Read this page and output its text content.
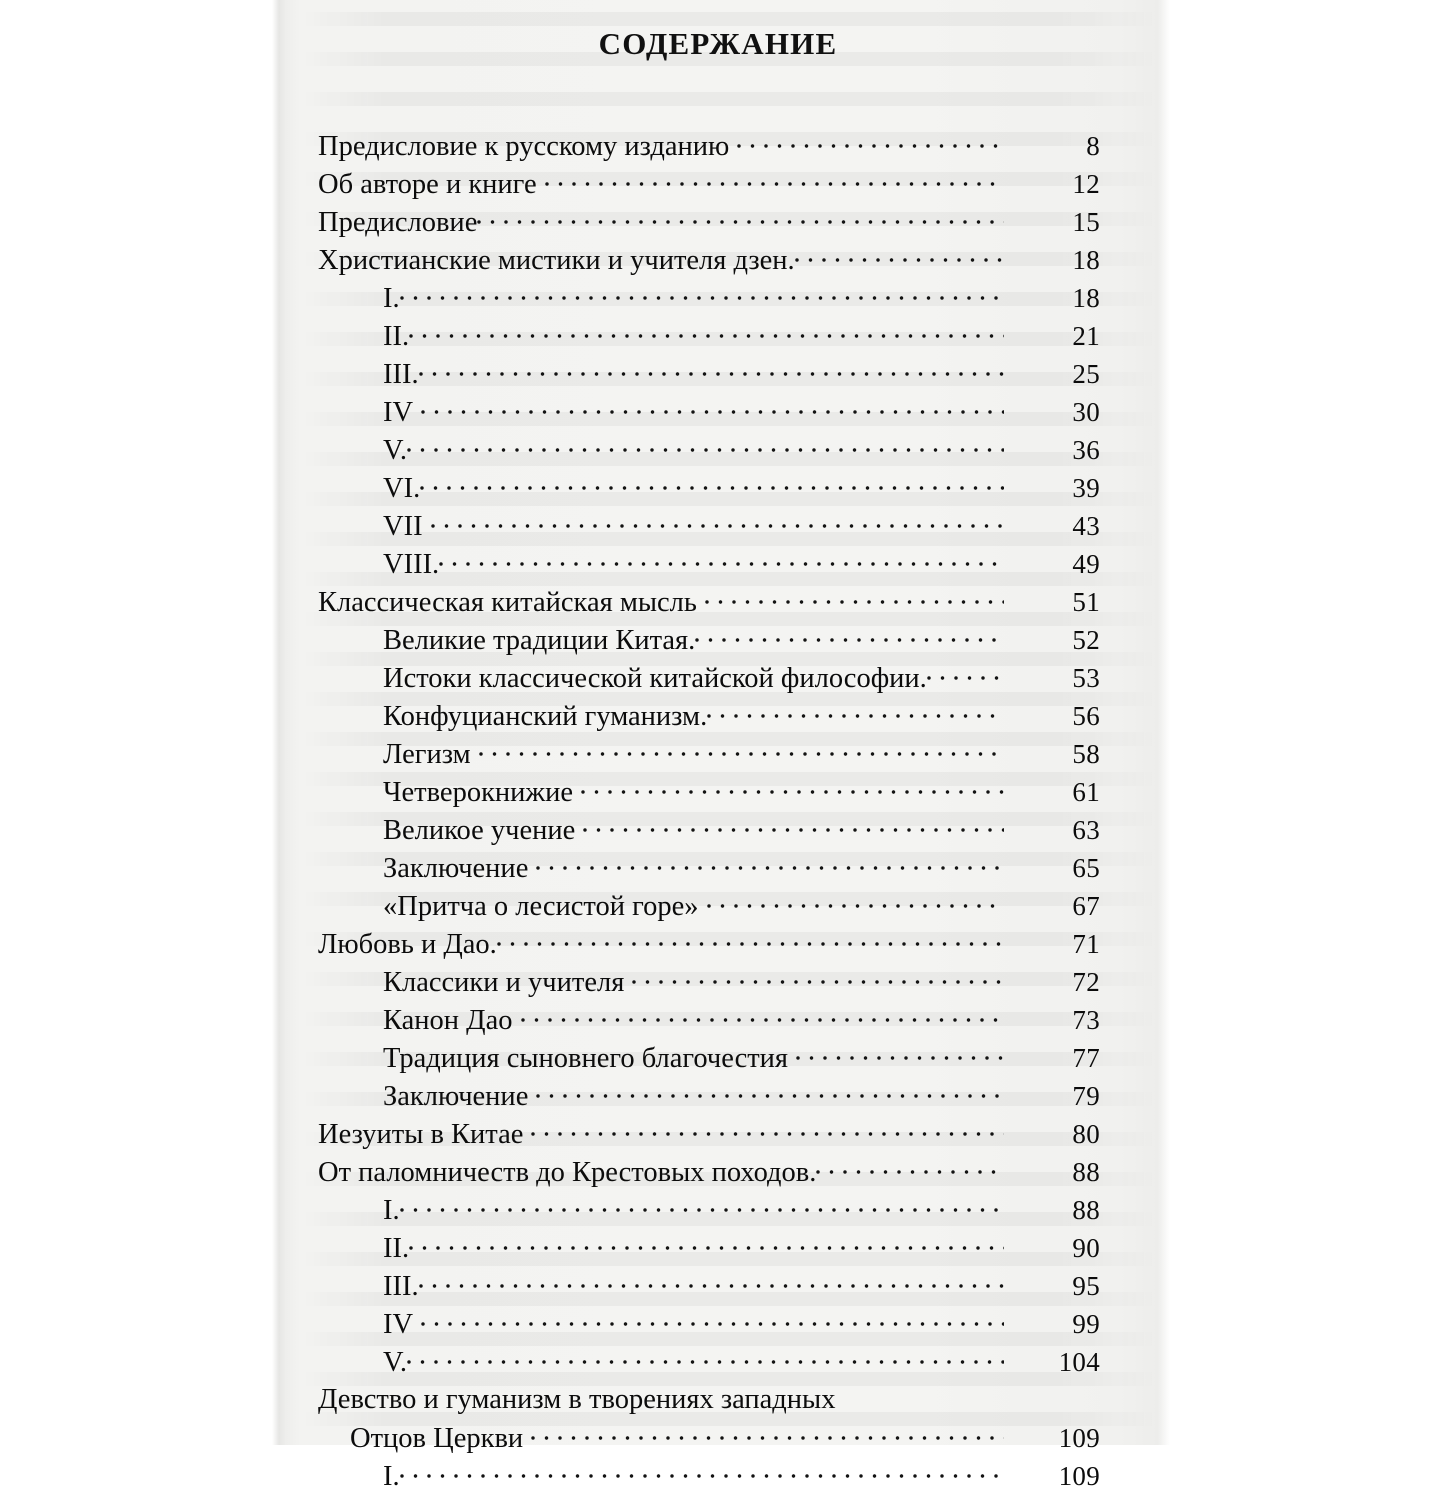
СОДЕРЖАНИЕ
Предисловие к русскому изданию	8
Об авторе и книге	12
Предисловие	15
Христианские мистики и учителя дзен.	18
I.	18
II.	21
III.	25
IV	30
V.	36
VI.	39
VII	43
VIII.	49
Классическая китайская мысль	51
Великие традиции Китая.	52
Истоки классической китайской философии.	53
Конфуцианский гуманизм.	56
Легизм	58
Четверокнижие	61
Великое учение	63
Заключение	65
«Притча о лесистой горе»	67
Любовь и Дао.	71
Классики и учителя	72
Канон Дао	73
Традиция сыновнего благочестия	77
Заключение	79
Иезуиты в Китае	80
От паломничеств до Крестовых походов.	88
I.	88
II.	90
III.	95
IV	99
V.	104
Девство и гуманизм в творениях западных
Отцов Церкви	109
I.	109
